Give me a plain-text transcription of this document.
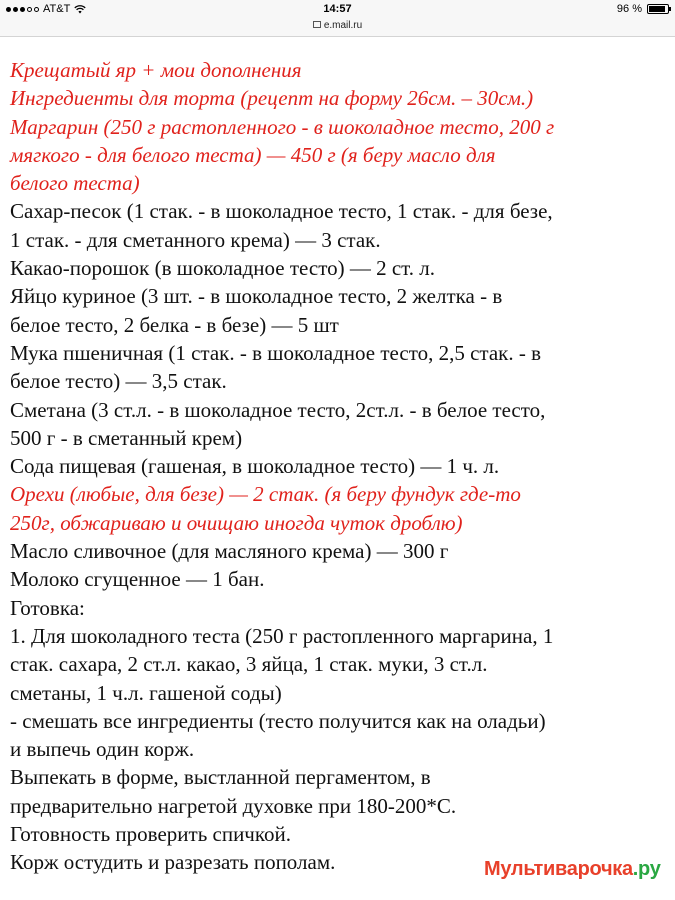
AT&T	14:57	96 %
e.mail.ru
Крещатый яр + мои дополнения
Ингредиенты для торта (рецепт на форму 26см. – 30см.)
Маргарин (250 г растопленного - в шоколадное тесто, 200 г
мягкого - для белого теста) — 450 г (я беру масло для
белого теста)
Сахар-песок (1 стак. - в шоколадное тесто, 1 стак. - для безе,
1 стак. - для сметанного крема) — 3 стак.
Какао-порошок (в шоколадное тесто) — 2 ст. л.
Яйцо куриное (3 шт. - в шоколадное тесто, 2 желтка - в
белое тесто, 2 белка - в безе) — 5 шт
Мука пшеничная (1 стак. - в шоколадное тесто, 2,5 стак. - в
белое тесто) — 3,5 стак.
Сметана (3 ст.л. - в шоколадное тесто, 2ст.л. - в белое тесто,
500 г - в сметанный крем)
Сода пищевая (гашеная, в шоколадное тесто) — 1 ч. л.
Орехи (любые, для безе) — 2 стак. (я беру фундук где-то
250г, обжариваю и очищаю иногда чуток дроблю)
Масло сливочное (для масляного крема) — 300 г
Молоко сгущенное — 1 бан.
Готовка:
1. Для шоколадного теста (250 г растопленного маргарина, 1
стак. сахара, 2 ст.л. какао, 3 яйца, 1 стак. муки, 3 ст.л.
сметаны, 1 ч.л. гашеной соды)
- смешать все ингредиенты (тесто получится как на оладьи)
и выпечь один корж.
Выпекать в форме, выстланной пергаментом, в
предварительно нагретой духовке при 180-200*С.
Готовность проверить спичкой.
Корж остудить и разрезать пополам.	Мультиварочка.ру
